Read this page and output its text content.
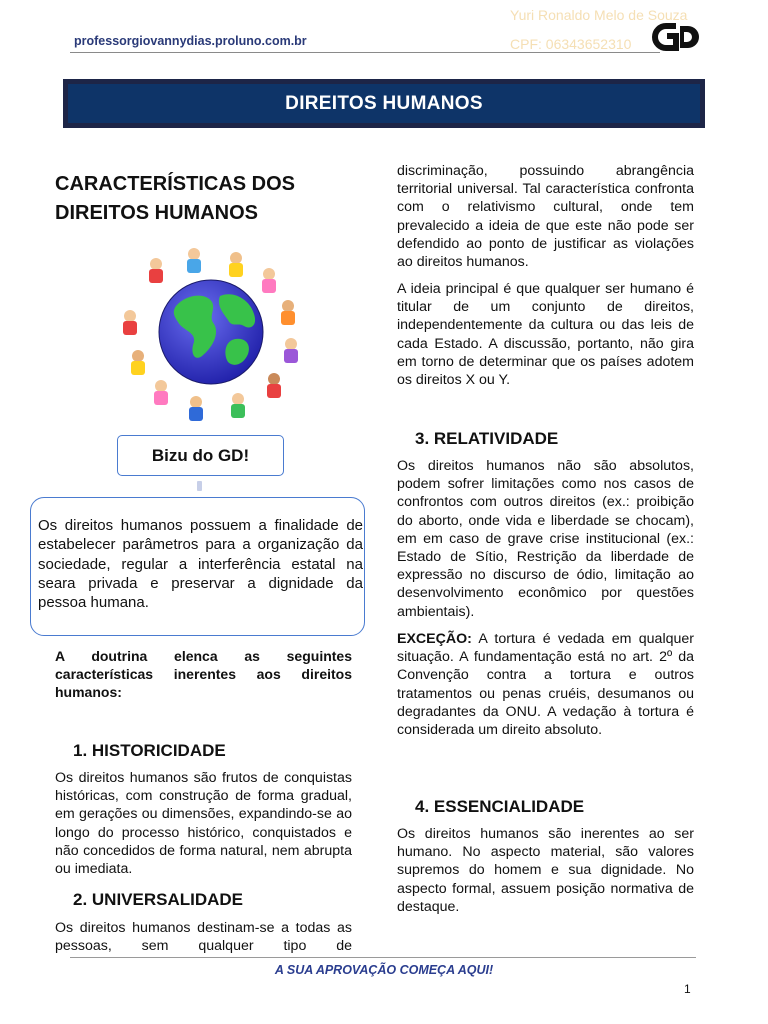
professorgiovannydias.proluno.com.br
Yuri Ronaldo Melo de Souza
CPF: 06343652310
GD
DIREITOS HUMANOS
CARACTERÍSTICAS DOS
DIREITOS HUMANOS
Bizu do GD!
Os direitos humanos possuem a finalidade de estabelecer parâmetros para a organização da sociedade, regular a interferência estatal na seara privada e preservar a dignidade da pessoa humana.
A doutrina elenca as seguintes características inerentes aos direitos humanos:
1. HISTORICIDADE
Os direitos humanos são frutos de conquistas históricas, com construção de forma gradual, em gerações ou dimensões, expandindo-se ao longo do processo histórico, conquistados e não concedidos de forma natural, nem abrupta ou imediata.
2. UNIVERSALIDADE
Os direitos humanos destinam-se a todas as pessoas, sem qualquer tipo de
discriminação, possuindo abrangência territorial universal. Tal característica confronta com o relativismo cultural, onde tem prevalecido a ideia de que este não pode ser defendido ao ponto de justificar as violações ao direitos humanos.
A ideia principal é que qualquer ser humano é titular de um conjunto de direitos, independentemente da cultura ou das leis de cada Estado. A discussão, portanto, não gira em torno de determinar que os países adotem os direitos X ou Y.
3. RELATIVIDADE
Os direitos humanos não são absolutos, podem sofrer limitações como nos casos de confrontos com outros direitos (ex.: proibição do aborto, onde vida e liberdade se chocam), em em caso de grave crise institucional (ex.: Estado de Sítio, Restrição da liberdade de expressão no discurso de ódio, limitação ao desenvolvimento econômico por questões ambientais).
EXCEÇÃO: A tortura é vedada em qualquer situação. A fundamentação está no art. 2º da Convenção contra a tortura e outros tratamentos ou penas cruéis, desumanos ou degradantes da ONU. A vedação à tortura é considerada um direito absoluto.
4. ESSENCIALIDADE
Os direitos humanos são inerentes ao ser humano. No aspecto material, são valores supremos do homem e sua dignidade. No aspecto formal, assuem posição normativa de destaque.
A SUA APROVAÇÃO COMEÇA AQUI!
1
